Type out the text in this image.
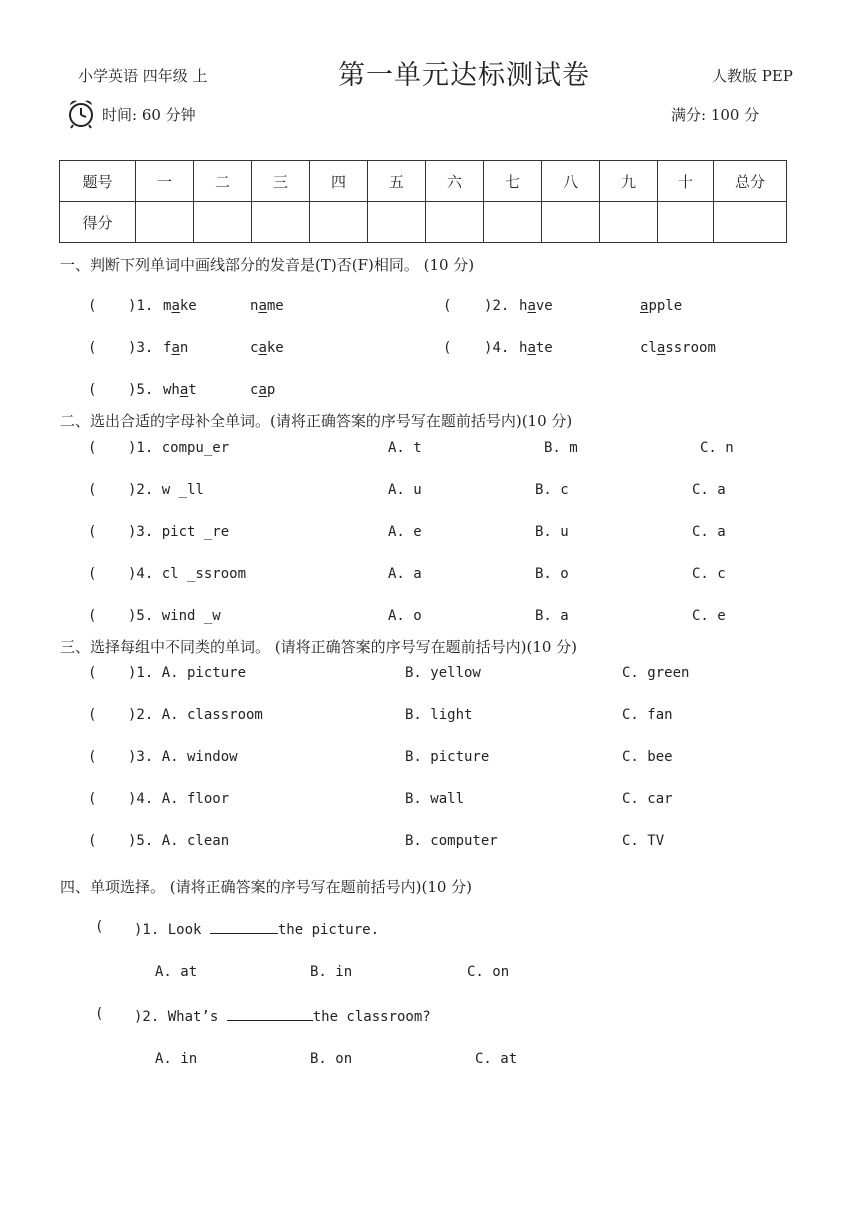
小学英语 四年级 上	第一单元达标测试卷	人教版 PEP
时间: 60 分钟	满分: 100 分
题号	一	二	三	四	五	六	七	八	九	十	总分
得分											
一、判断下列单词中画线部分的发音是(T)否(F)相同。 (10 分)
( )1. make	name	( )2. have	apple
( )3. fan	cake	( )4. hate	classroom
( )5. what	cap
二、选出合适的字母补全单词。(请将正确答案的序号写在题前括号内)(10 分)
( )1. compu_er	A. t	B. m	C. n
( )2. w _ll	A. u	B. c	C. a
( )3. pict _re	A. e	B. u	C. a
( )4. cl _ssroom	A. a	B. o	C. c
( )5. wind _w	A. o	B. a	C. e
三、选择每组中不同类的单词。 (请将正确答案的序号写在题前括号内)(10 分)
( )1. A. picture	B. yellow	C. green
( )2. A. classroom	B. light	C. fan
( )3. A. window	B. picture	C. bee
( )4. A. floor	B. wall	C. car
( )5. A. clean	B. computer	C. TV
四、单项选择。 (请将正确答案的序号写在题前括号内)(10 分)
( )1. Look	the picture.
A. at	B. in	C. on
( )2. What’s	the classroom?
A. in	B. on	C. at
